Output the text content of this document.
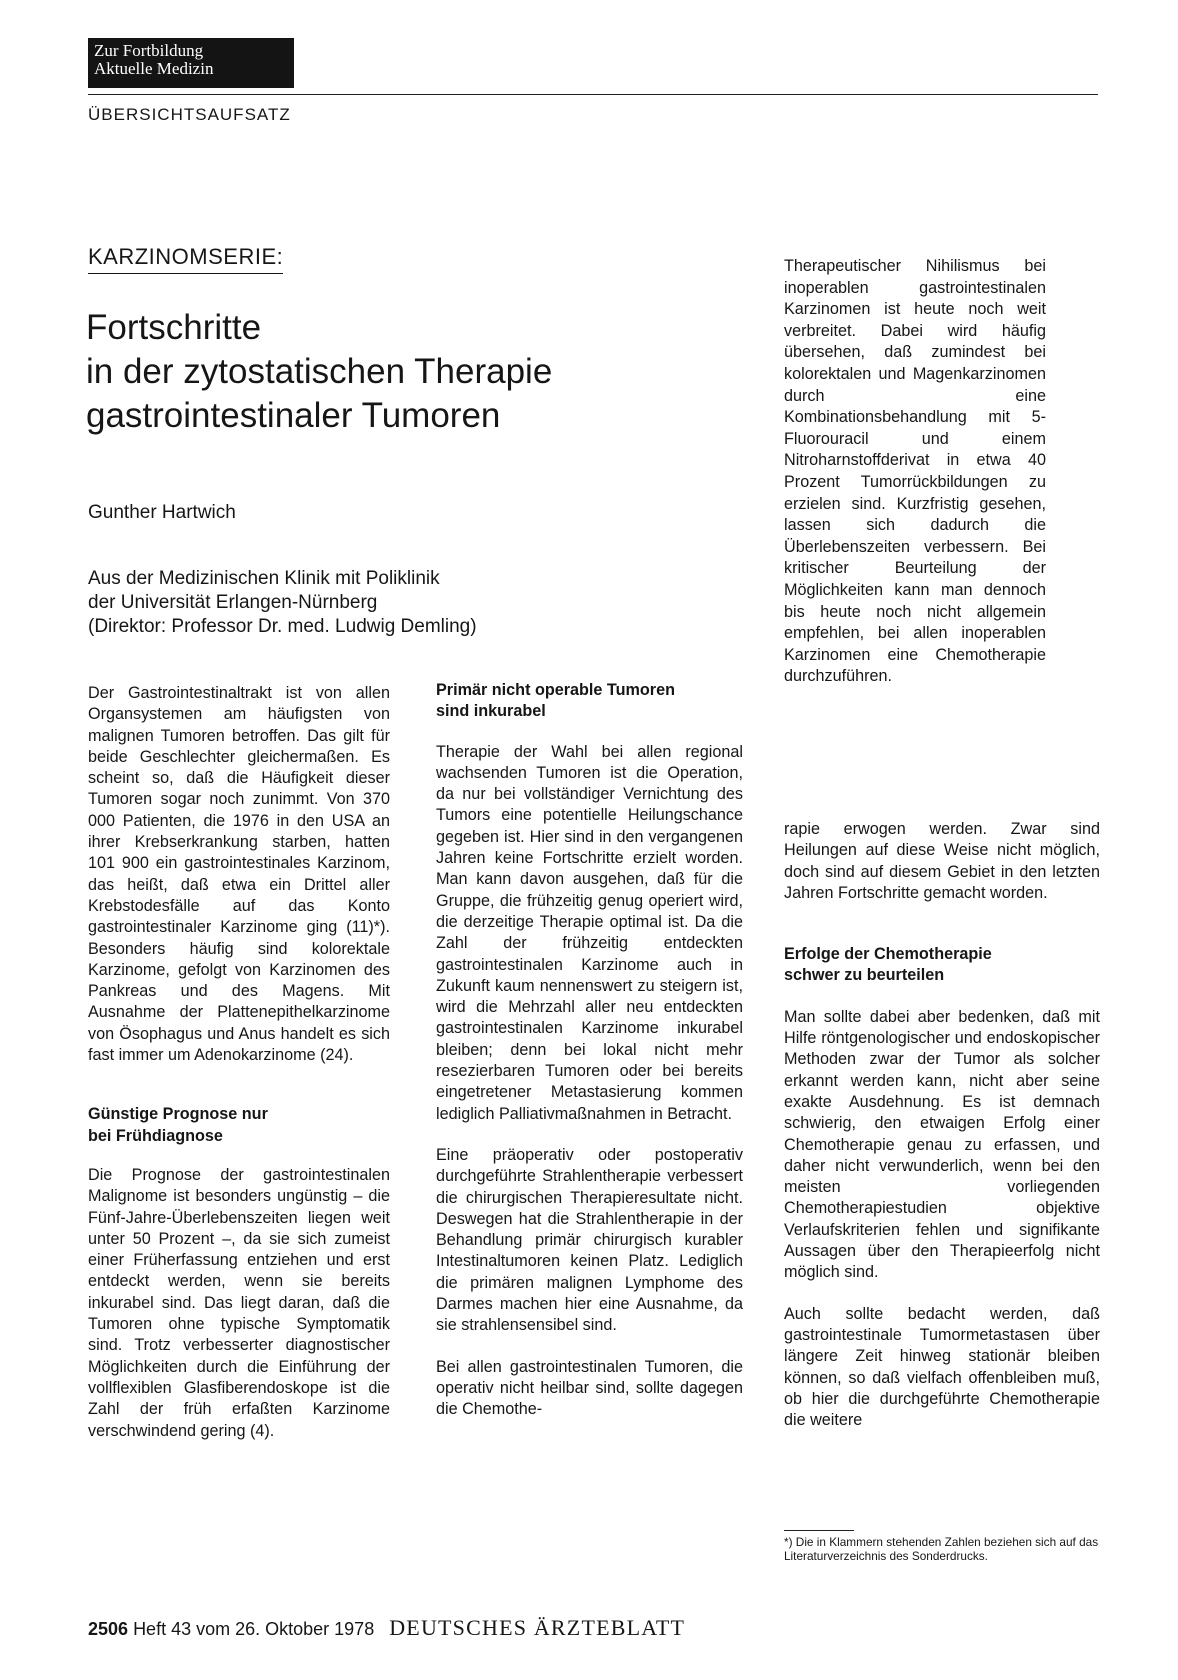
Zur Fortbildung
Aktuelle Medizin
ÜBERSICHTSAUFSATZ
KARZINOMSERIE:
Fortschritte
in der zytostatischen Therapie
gastrointestinaler Tumoren
Gunther Hartwich
Aus der Medizinischen Klinik mit Poliklinik
der Universität Erlangen-Nürnberg
(Direktor: Professor Dr. med. Ludwig Demling)

Therapeutischer Nihilismus bei inoperablen gastrointestinalen Karzinomen ist heute noch weit verbreitet. Dabei wird häufig übersehen, daß zumindest bei kolorektalen und Magenkarzinomen durch eine Kombinationsbehandlung mit 5-Fluorouracil und einem Nitroharnstoffderivat in etwa 40 Prozent Tumorrückbildungen zu erzielen sind. Kurzfristig gesehen, lassen sich dadurch die Überlebenszeiten verbessern. Bei kritischer Beurteilung der Möglichkeiten kann man dennoch bis heute noch nicht allgemein empfehlen, bei allen inoperablen Karzinomen eine Chemotherapie durchzuführen.

Der Gastrointestinaltrakt ist von allen Organsystemen am häufigsten von malignen Tumoren betroffen. Das gilt für beide Geschlechter gleichermaßen. Es scheint so, daß die Häufigkeit dieser Tumoren sogar noch zunimmt. Von 370 000 Patienten, die 1976 in den USA an ihrer Krebserkrankung starben, hatten 101 900 ein gastrointestinales Karzinom, das heißt, daß etwa ein Drittel aller Krebstodesfälle auf das Konto gastrointestinaler Karzinome ging (11)*). Besonders häufig sind kolorektale Karzinome, gefolgt von Karzinomen des Pankreas und des Magens. Mit Ausnahme der Plattenepithelkarzinome von Ösophagus und Anus handelt es sich fast immer um Adenokarzinome (24).

Günstige Prognose nur
bei Frühdiagnose

Die Prognose der gastrointestinalen Malignome ist besonders ungünstig – die Fünf-Jahre-Überlebenszeiten liegen weit unter 50 Prozent –, da sie sich zumeist einer Früherfassung entziehen und erst entdeckt werden, wenn sie bereits inkurabel sind. Das liegt daran, daß die Tumoren ohne typische Symptomatik sind. Trotz verbesserter diagnostischer Möglichkeiten durch die Einführung der vollflexiblen Glasfiberendoskope ist die Zahl der früh erfaßten Karzinome verschwindend gering (4).

Primär nicht operable Tumoren
sind inkurabel

Therapie der Wahl bei allen regional wachsenden Tumoren ist die Operation, da nur bei vollständiger Vernichtung des Tumors eine potentielle Heilungschance gegeben ist. Hier sind in den vergangenen Jahren keine Fortschritte erzielt worden. Man kann davon ausgehen, daß für die Gruppe, die frühzeitig genug operiert wird, die derzeitige Therapie optimal ist. Da die Zahl der frühzeitig entdeckten gastrointestinalen Karzinome auch in Zukunft kaum nennenswert zu steigern ist, wird die Mehrzahl aller neu entdeckten gastrointestinalen Karzinome inkurabel bleiben; denn bei lokal nicht mehr resezierbaren Tumoren oder bei bereits eingetretener Metastasierung kommen lediglich Palliativmaßnahmen in Betracht.

Eine präoperativ oder postoperativ durchgeführte Strahlentherapie verbessert die chirurgischen Therapieresultate nicht. Deswegen hat die Strahlentherapie in der Behandlung primär chirurgisch kurabler Intestinaltumoren keinen Platz. Lediglich die primären malignen Lymphome des Darmes machen hier eine Ausnahme, da sie strahlensensibel sind.

Bei allen gastrointestinalen Tumoren, die operativ nicht heilbar sind, sollte dagegen die Chemothe-

rapie erwogen werden. Zwar sind Heilungen auf diese Weise nicht möglich, doch sind auf diesem Gebiet in den letzten Jahren Fortschritte gemacht worden.

Erfolge der Chemotherapie
schwer zu beurteilen

Man sollte dabei aber bedenken, daß mit Hilfe röntgenologischer und endoskopischer Methoden zwar der Tumor als solcher erkannt werden kann, nicht aber seine exakte Ausdehnung. Es ist demnach schwierig, den etwaigen Erfolg einer Chemotherapie genau zu erfassen, und daher nicht verwunderlich, wenn bei den meisten vorliegenden Chemotherapiestudien objektive Verlaufskriterien fehlen und signifikante Aussagen über den Therapieerfolg nicht möglich sind.

Auch sollte bedacht werden, daß gastrointestinale Tumormetastasen über längere Zeit hinweg stationär bleiben können, so daß vielfach offenbleiben muß, ob hier die durchgeführte Chemotherapie die weitere

*) Die in Klammern stehenden Zahlen beziehen sich auf das Literaturverzeichnis des Sonderdrucks.

2506 Heft 43 vom 26. Oktober 1978 DEUTSCHES ÄRZTEBLATT
